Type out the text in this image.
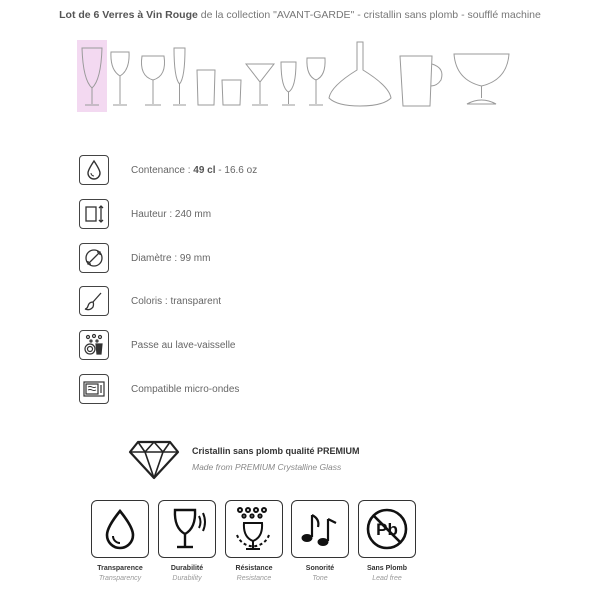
Lot de 6 Verres à Vin Rouge de la collection "AVANT-GARDE" - cristallin sans plomb - soufflé machine
Contenance : 49 cl - 16.6 oz
Hauteur : 240 mm
Diamètre : 99 mm
Coloris : transparent
Passe au lave-vaisselle
Compatible micro-ondes
Cristallin sans plomb qualité PREMIUM
Made from PREMIUM Crystalline Glass
Transparence
Transparency
Durabilité
Durability
Résistance
Resistance
Sonorité
Tone
Pb
Sans Plomb
Lead free
